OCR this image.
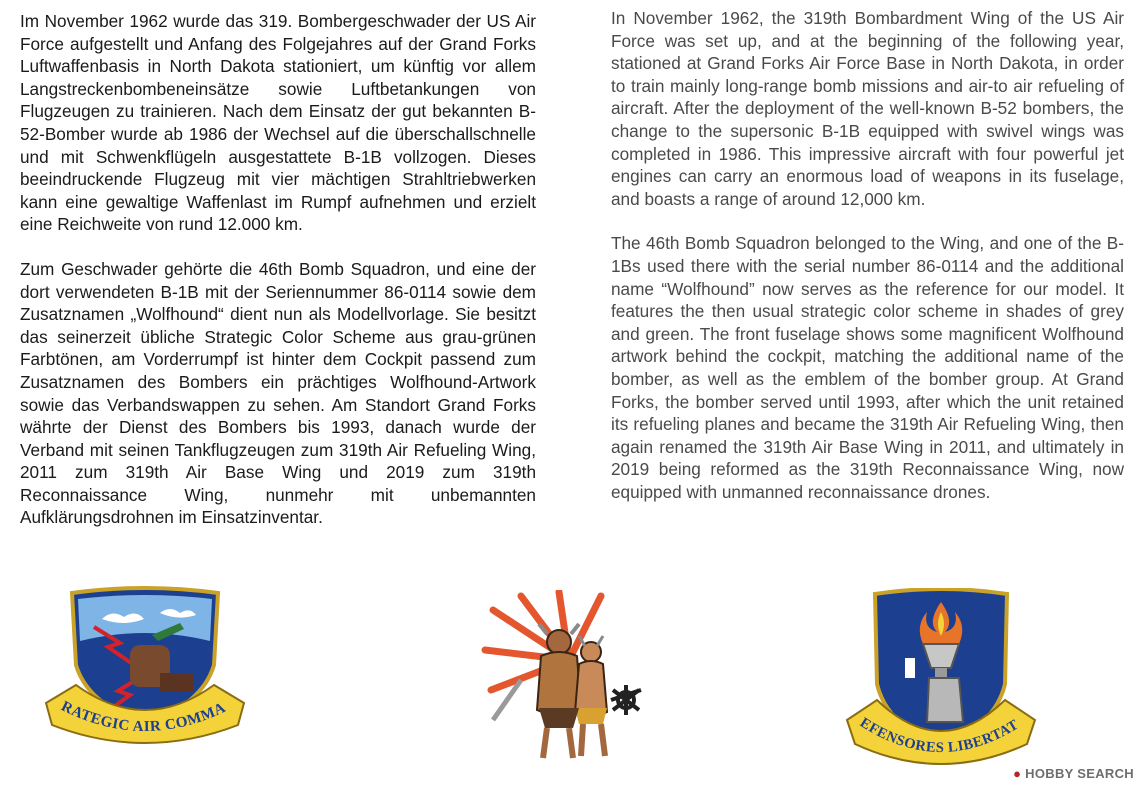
Im November 1962 wurde das 319. Bombergeschwader der US Air Force aufgestellt und Anfang des Folgejahres auf der Grand Forks Luftwaffenbasis in North Dakota stationiert, um künftig vor allem Langstreckenbombeneinsätze sowie Luftbetankungen von Flugzeugen zu trainieren. Nach dem Einsatz der gut bekannten B-52-Bomber wurde ab 1986 der Wechsel auf die überschallschnelle und mit Schwenkflügeln ausgestattete B-1B vollzogen. Dieses beeindruckende Flugzeug mit vier mächtigen Strahltriebwerken kann eine gewaltige Waffenlast im Rumpf aufnehmen und erzielt eine Reichweite von rund 12.000 km.

Zum Geschwader gehörte die 46th Bomb Squadron, und eine der dort verwendeten B-1B mit der Seriennummer 86-0114 sowie dem Zusatznamen „Wolfhound“ dient nun als Modellvorlage. Sie besitzt das seinerzeit übliche Strategic Color Scheme aus grau-grünen Farbtönen, am Vorderrumpf ist hinter dem Cockpit passend zum Zusatznamen des Bombers ein prächtiges Wolfhound-Artwork sowie das Verbandswappen zu sehen. Am Standort Grand Forks währte der Dienst des Bombers bis 1993, danach wurde der Verband mit seinen Tankflugzeugen zum 319th Air Refueling Wing, 2011 zum 319th Air Base Wing und 2019 zum 319th Reconnaissance Wing, nunmehr mit unbemannten Aufklärungsdrohnen im Einsatzinventar.

In November 1962, the 319th Bombardment Wing of the US Air Force was set up, and at the beginning of the following year, stationed at Grand Forks Air Force Base in North Dakota, in order to train mainly long-range bomb missions and air-to air refueling of aircraft. After the deployment of the well-known B-52 bombers, the change to the supersonic B-1B equipped with swivel wings was completed in 1986. This impressive aircraft with four powerful jet engines can carry an enormous load of weapons in its fuselage, and boasts a range of around 12,000 km.

The 46th Bomb Squadron belonged to the Wing, and one of the B-1Bs used there with the serial number 86-0114 and the additional name “Wolfhound” now serves as the reference for our model. It features the then usual strategic color scheme in shades of grey and green. The front fuselage shows some magnificent Wolfhound artwork behind the cockpit, matching the additional name of the bomber, as well as the emblem of the bomber group. At Grand Forks, the bomber served until 1993, after which the unit retained its refueling planes and became the 319th Air Refueling Wing, then again renamed the 319th Air Base Wing in 2011, and ultimately in 2019 being reformed as the 319th Reconnaissance Wing, now equipped with unmanned reconnaissance drones.

RATEGIC AIR COMMA
EFENSORES LIBERTAT
● HOBBY SEARCH
